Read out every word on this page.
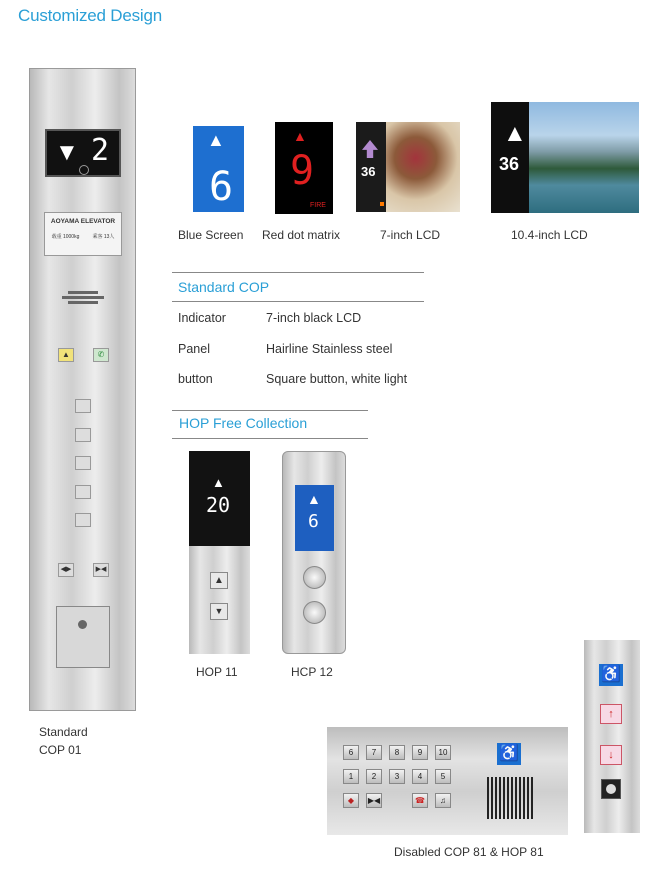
Customized Design
▼ 2
AOYAMA ELEVATOR
载重 1000kg	乘客 13人
▲	✆
◀▶	▶◀
Standard
COP 01
▲
6
▲
9
FIRE
36
▲
36
Blue Screen Red dot matrix	7-inch LCD	10.4-inch LCD
Standard COP
Indicator	7-inch black LCD
Panel	Hairline Stainless steel
button	Square button, white light
HOP Free Collection
▲
20
▲
▼
▲
6
HOP 11	HCP 12
6	7	8	9	10
1	2	3	4	5
◆	▶◀	☎	♫
♿
♿
↑
↓
Disabled COP 81 & HOP 81
